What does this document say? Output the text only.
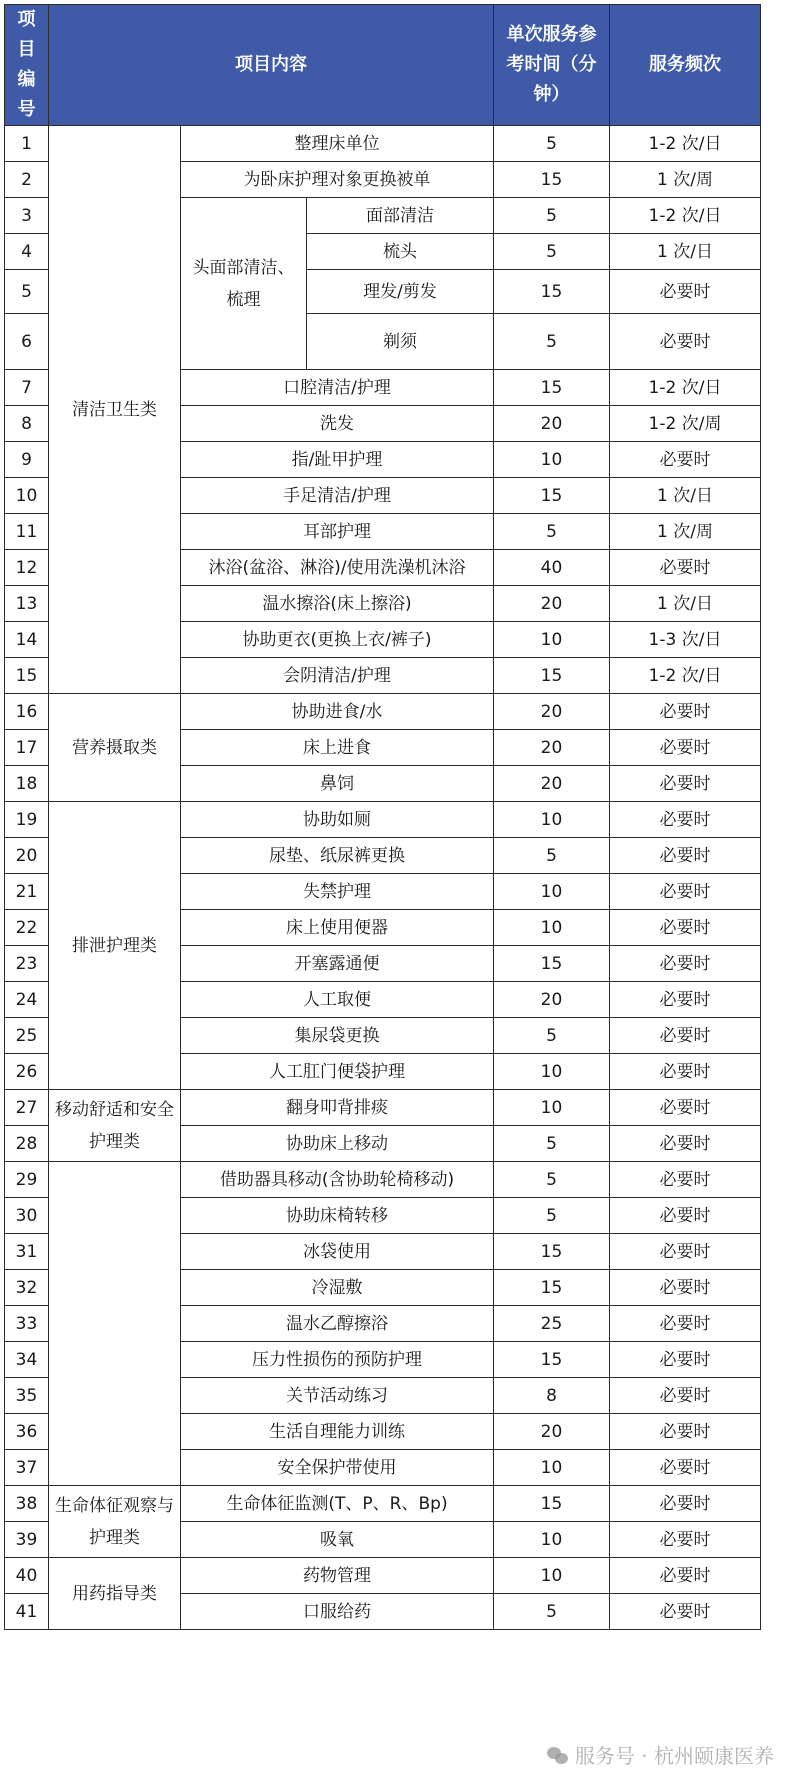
项目编号	项目内容			单次服务参考时间（分钟）	服务频次
1	清洁卫生类	整理床单位		5	1-2 次/日
2		为卧床护理对象更换被单		15	1 次/周
3		头面部清洁、梳理	面部清洁	5	1-2 次/日
4			梳头	5	1 次/日
5			理发/剪发	15	必要时
6			剃须	5	必要时
7		口腔清洁/护理		15	1-2 次/日
8		洗发		20	1-2 次/周
9		指/趾甲护理		10	必要时
10		手足清洁/护理		15	1 次/日
11		耳部护理		5	1 次/周
12		沐浴(盆浴、淋浴)/使用洗澡机沐浴		40	必要时
13		温水擦浴(床上擦浴)		20	1 次/日
14		协助更衣(更换上衣/裤子)		10	1-3 次/日
15		会阴清洁/护理		15	1-2 次/日
16	营养摄取类	协助进食/水		20	必要时
17		床上进食		20	必要时
18		鼻饲		20	必要时
19	排泄护理类	协助如厕		10	必要时
20		尿垫、纸尿裤更换		5	必要时
21		失禁护理		10	必要时
22		床上使用便器		10	必要时
23		开塞露通便		15	必要时
24		人工取便		20	必要时
25		集尿袋更换		5	必要时
26		人工肛门便袋护理		10	必要时
27	移动舒适和安全护理类	翻身叩背排痰		10	必要时
28		协助床上移动		5	必要时
29		借助器具移动(含协助轮椅移动)		5	必要时
30		协助床椅转移		5	必要时
31		冰袋使用		15	必要时
32		冷湿敷		15	必要时
33		温水乙醇擦浴		25	必要时
34		压力性损伤的预防护理		15	必要时
35		关节活动练习		8	必要时
36		生活自理能力训练		20	必要时
37		安全保护带使用		10	必要时
38	生命体征观察与护理类	生命体征监测(T、P、R、Bp)		15	必要时
39		吸氧		10	必要时
40	用药指导类	药物管理		10	必要时
41		口服给药		5	必要时
服务号 · 杭州颐康医养
